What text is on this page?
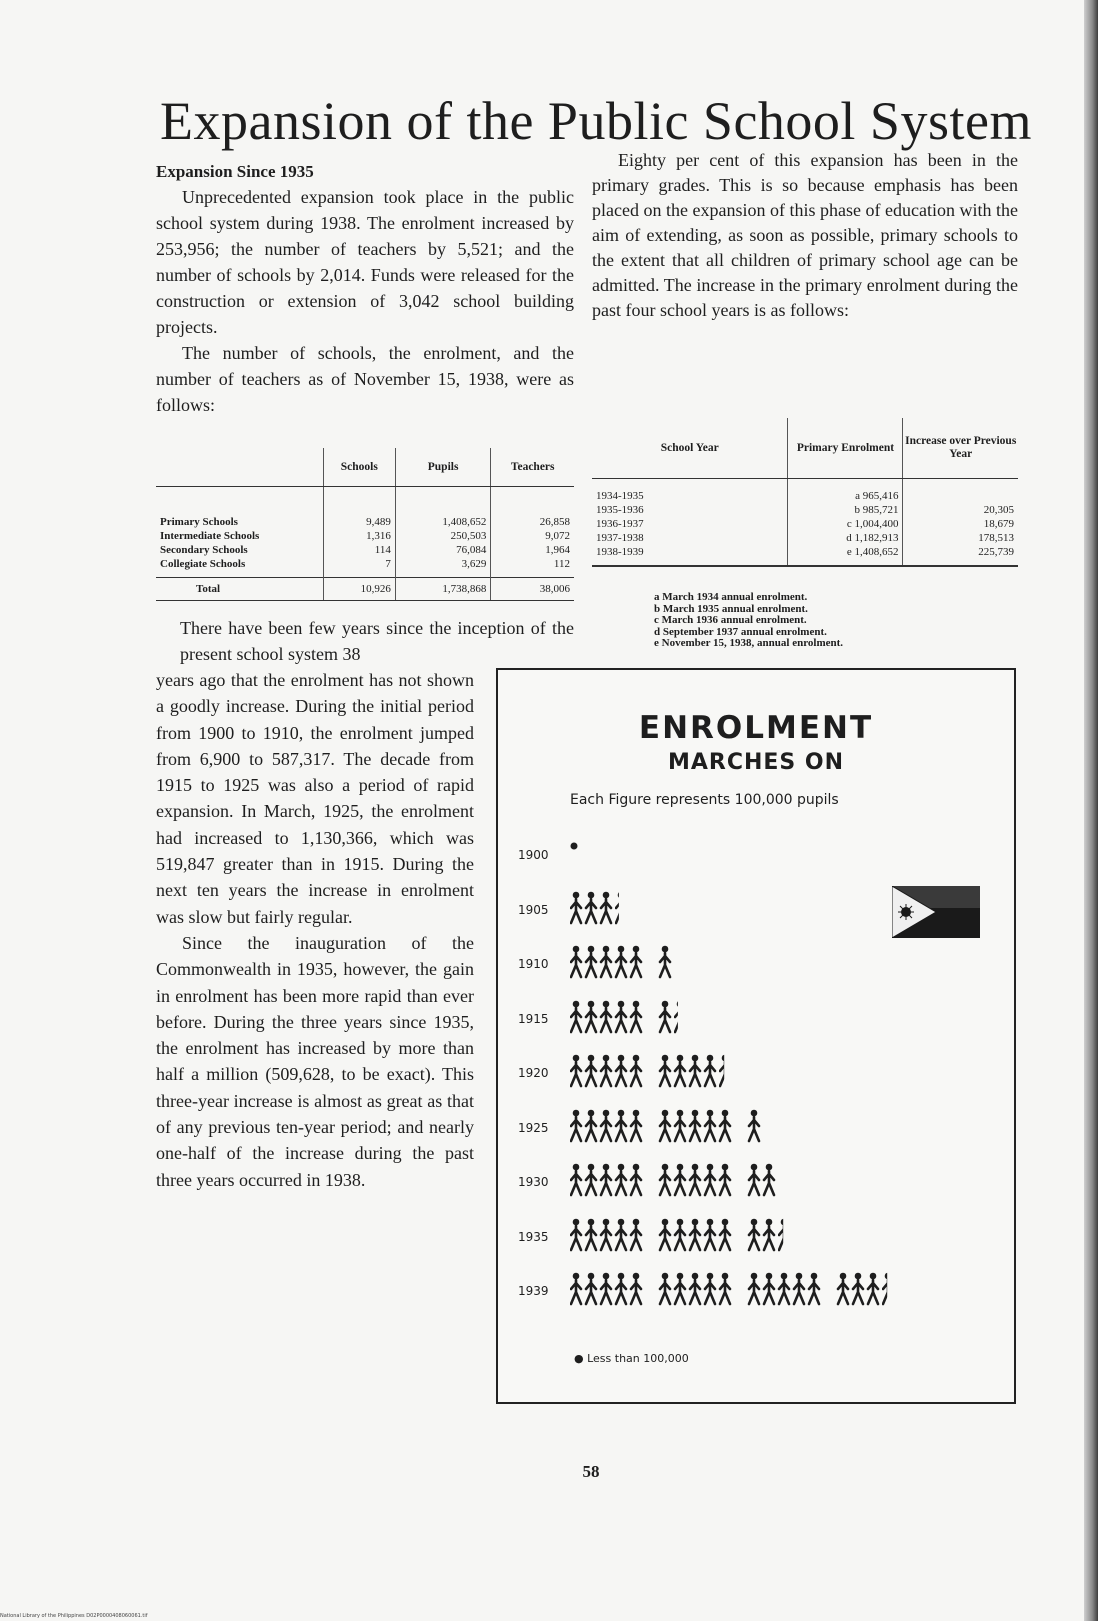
Expansion of the Public School System

Expansion Since 1935

Unprecedented expansion took place in the public school system during 1938. The enrolment increased by 253,956; the number of teachers by 5,521; and the number of schools by 2,014. Funds were released for the construction or extension of 3,042 school building projects.

The number of schools, the enrolment, and the number of teachers as of November 15, 1938, were as follows:

	Schools	Pupils	Teachers
Primary Schools	9,489	1,408,652	26,858
Intermediate Schools	1,316	250,503	9,072
Secondary Schools	114	76,084	1,964
Collegiate Schools	7	3,629	112
Total	10,926	1,738,868	38,006

There have been few years since the inception of the present school system 38

years ago that the enrolment has not shown a goodly increase. During the initial period from 1900 to 1910, the enrolment jumped from 6,900 to 587,317. The decade from 1915 to 1925 was also a period of rapid expansion. In March, 1925, the enrolment had increased to 1,130,366, which was 519,847 greater than in 1915. During the next ten years the increase in enrolment was slow but fairly regular.

Since the inauguration of the Commonwealth in 1935, however, the gain in enrolment has been more rapid than ever before. During the three years since 1935, the enrolment has increased by more than half a million (509,628, to be exact). This three-year increase is almost as great as that of any previous ten-year period; and nearly one-half of the increase during the past three years occurred in 1938.

Eighty per cent of this expansion has been in the primary grades. This is so because emphasis has been placed on the expansion of this phase of education with the aim of extending, as soon as possible, primary schools to the extent that all children of primary school age can be admitted. The increase in the primary enrolment during the past four school years is as follows:

School Year	Primary Enrolment	Increase over Previous Year
1934-1935	a 965,416	
1935-1936	b 985,721	20,305
1936-1937	c 1,004,400	18,679
1937-1938	d 1,182,913	178,513
1938-1939	e 1,408,652	225,739
a March 1934 annual enrolment.
b March 1935 annual enrolment.
c March 1936 annual enrolment.
d September 1937 annual enrolment.
e November 15, 1938, annual enrolment.

ENROLMENT

MARCHES ON

Each Figure represents 100,000 pupils
● Less than 100,000
1900
1905
1910
1915
1920
1925
1930
1935
1939
58
National Library of the Philippines D02P0000408060061.tif
